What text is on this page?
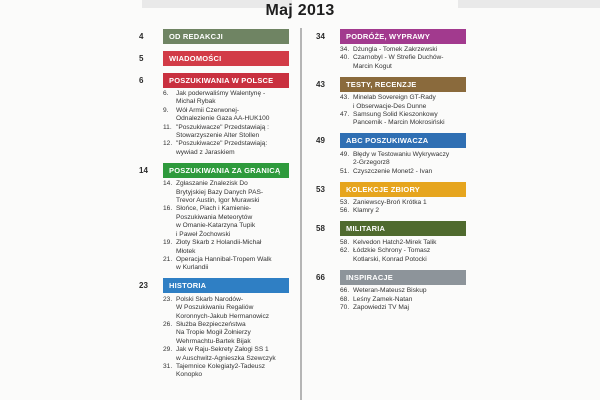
Maj 2013
4	OD REDAKCJI
5	WIADOMOŚCI
6	POSZUKIWANIA W POLSCE
6.	Jak poderwaliśmy Walentynę -
Michał Rybak
9.	Wół Armii Czerwonej-
Odnalezienie Gaza AA-HUK100
11. "Poszukiwacze" Przedstawiają :
Stowarzyszenie Alter Stollen
12. "Poszukiwacze" Przedstawiają:
wywiad z Jaraskiem
14	POSZUKIWANIA ZA GRANICĄ
14. Zgłaszanie Znalezisk Do
Brytyjskiej Bazy Danych PAS-
Trevor Austin, Igor Murawski
16. Słońce, Piach i Kamienie-
Poszukiwania Meteorytów
w Omanie-Katarzyna Tupik
i Paweł Żochowski
19. Złoty Skarb z Holandii-Michał
Młotek
21. Operacja Hannibal-Tropem Walk
w Kurlandii
23	HISTORIA
23. Polski Skarb Narodów-
W Poszukiwaniu Regaliów
Koronnych-Jakub Hermanowicz
26. Służba Bezpieczeństwa
Na Tropie Mogił Żołnierzy
Wehrmachtu-Bartek Bijak
29. Jak w Raju-Sekrety Załogi SS 1
w Auschwitz-Agnieszka Szewczyk
31. Tajemnice Kolegiaty2-Tadeusz
Konopko
34	PODRÓŻE, WYPRAWY
34. Dżungla - Tomek Zakrzewski
40. Czarnobyl - W Strefie Duchów-
Marcin Kogut
43	TESTY, RECENZJE
43. Minelab Sovereign GT-Rady
i Obserwacje-Des Dunne
47. Samsung Solid Kieszonkowy
Pancernik - Marcin Mokrosiński
49	ABC POSZUKIWACZA
49. Błędy w Testowaniu Wykrywaczy
2-Grzegorz8
51. Czyszczenie Monet2 - Ivan
53	KOLEKCJE ZBIORY
53. Zaniewscy-Broń Krótka 1
56. Klamry 2
58	MILITARIA
58. Kelvedon Hatch2-Mirek Talik
62. Łódzkie Schrony - Tomasz
Kotlarski, Konrad Potocki
66	INSPIRACJE
66. Weteran-Mateusz Biskup
68. Leśny Zamek-Natan
70. Zapowiedzi TV Maj
